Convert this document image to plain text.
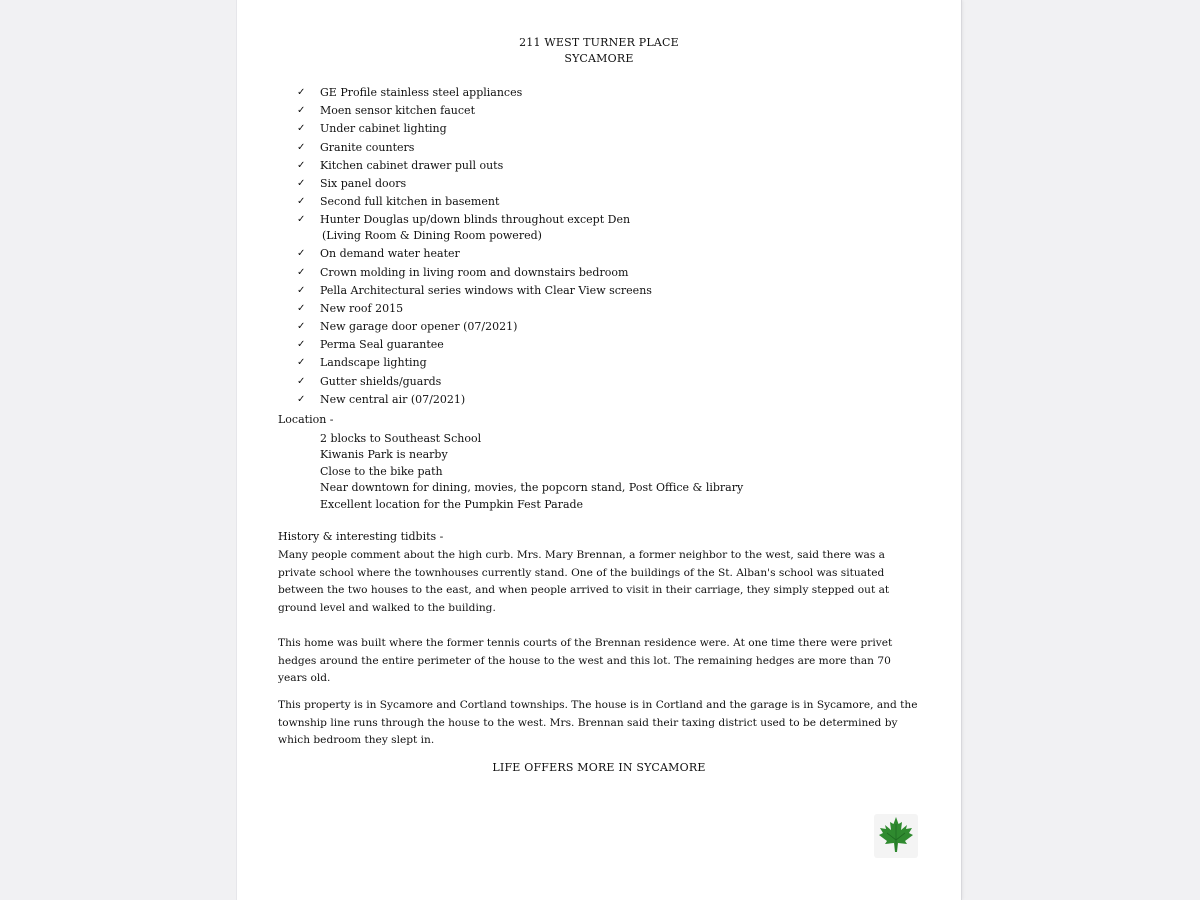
211 WEST TURNER PLACE
SYCAMORE
✓	GE Profile stainless steel appliances
✓	Moen sensor kitchen faucet
✓	Under cabinet lighting
✓	Granite counters
✓	Kitchen cabinet drawer pull outs
✓	Six panel doors
✓	Second full kitchen in basement
✓	Hunter Douglas up/down blinds throughout except Den
(Living Room & Dining Room powered)
✓	On demand water heater
✓	Crown molding in living room and downstairs bedroom
✓	Pella Architectural series windows with Clear View screens
✓	New roof 2015
✓	New garage door opener (07/2021)
✓	Perma Seal guarantee
✓	Landscape lighting
✓	Gutter shields/guards
✓	New central air (07/2021)
Location -
2 blocks to Southeast School
Kiwanis Park is nearby
Close to the bike path
Near downtown for dining, movies, the popcorn stand, Post Office & library
Excellent location for the Pumpkin Fest Parade
History & interesting tidbits -

Many people comment about the high curb. Mrs. Mary Brennan, a former neighbor to the west, said there was a private school where the townhouses currently stand. One of the buildings of the St. Alban's school was situated between the two houses to the east, and when people arrived to visit in their carriage, they simply stepped out at ground level and walked to the building.

This home was built where the former tennis courts of the Brennan residence were. At one time there were privet hedges around the entire perimeter of the house to the west and this lot. The remaining hedges are more than 70 years old.

This property is in Sycamore and Cortland townships. The house is in Cortland and the garage is in Sycamore, and the township line runs through the house to the west. Mrs. Brennan said their taxing district used to be determined by which bedroom they slept in.

LIFE OFFERS MORE IN SYCAMORE
